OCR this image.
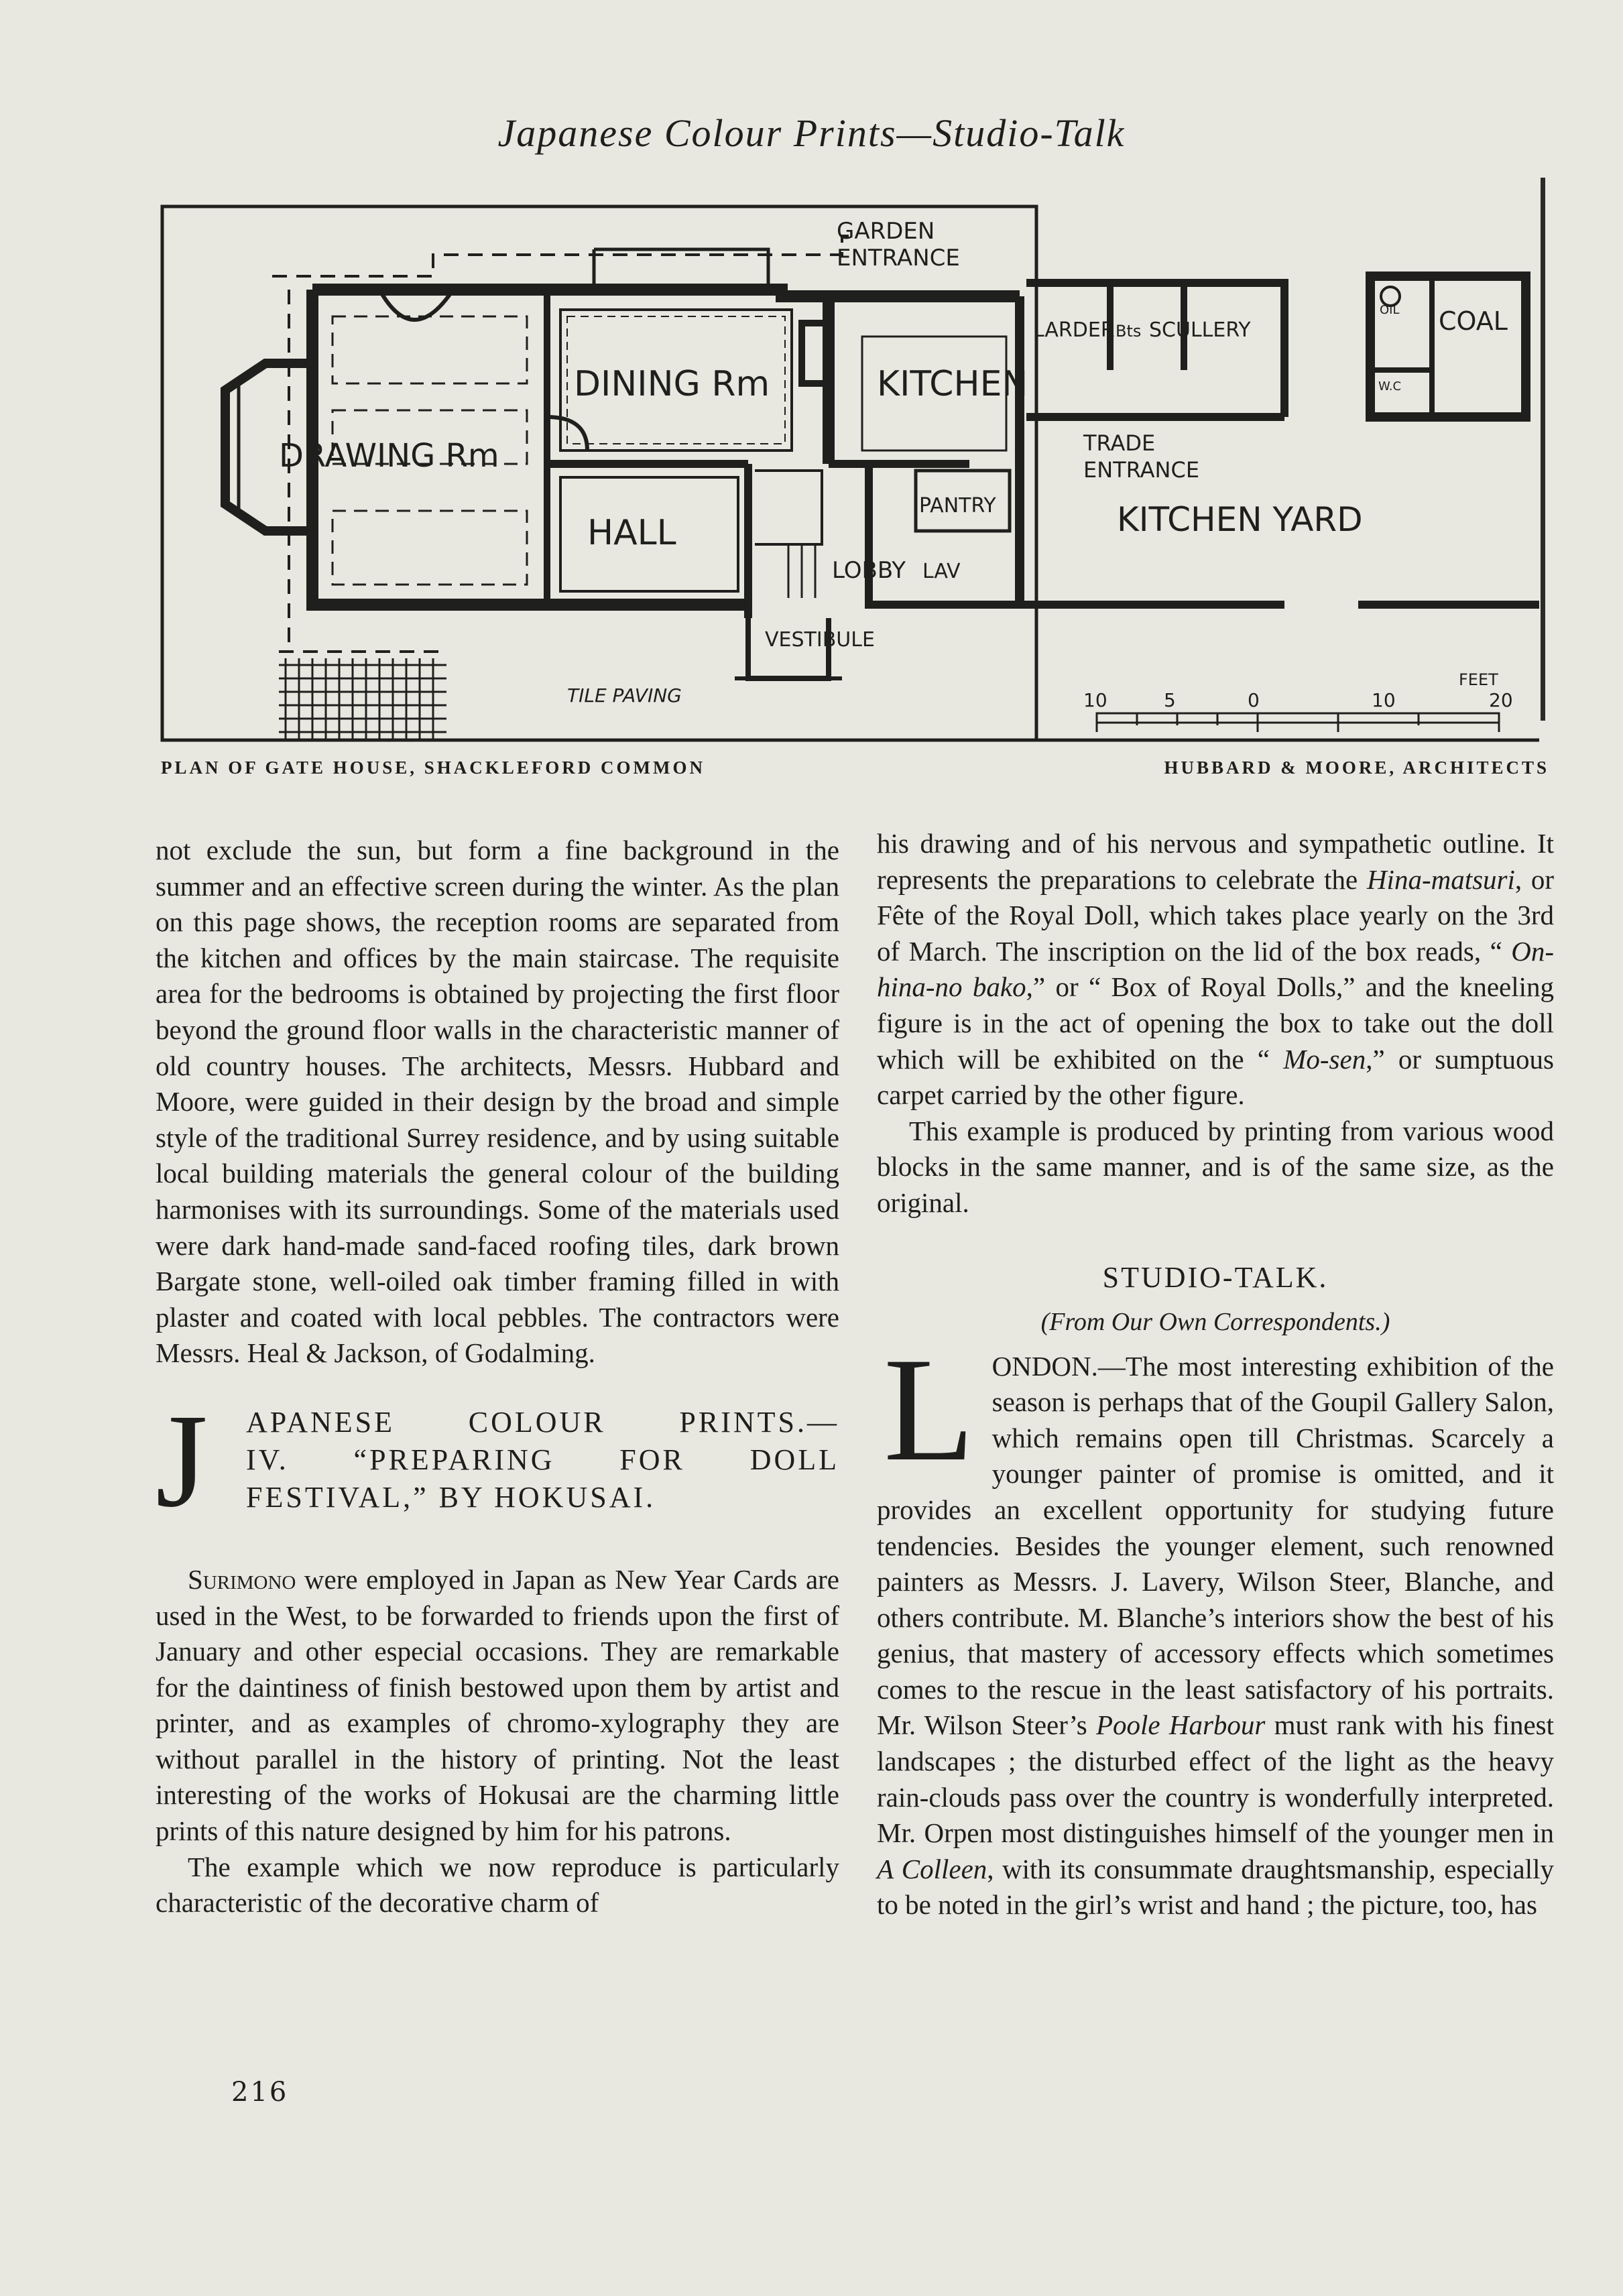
Japanese Colour Prints—Studio-Talk
GARDEN
ENTRANCE
DINING Rm	KITCHEN
LARDER Bts SCULLERY
OIL COAL
W.C
DRAWING Rm	TRADE
ENTRANCE
KITCHEN YARD
HALL
PANTRY
LOBBY LAV
VESTIBULE
TILE PAVING
FEET
10	5	0	10	20
PLAN OF GATE HOUSE, SHACKLEFORD COMMON	HUBBARD & MOORE, ARCHITECTS

not exclude the sun, but form a fine background in the summer and an effective screen during the winter. As the plan on this page shows, the reception rooms are separated from the kitchen and offices by the main staircase. The requisite area for the bedrooms is obtained by projecting the first floor beyond the ground floor walls in the characteristic manner of old country houses. The architects, Messrs. Hubbard and Moore, were guided in their design by the broad and simple style of the traditional Surrey residence, and by using suitable local building materials the general colour of the building harmonises with its surroundings. Some of the materials used were dark hand-made sand-faced roofing tiles, dark brown Bargate stone, well-oiled oak timber framing filled in with plaster and coated with local pebbles. The contractors were Messrs. Heal & Jackson, of Godalming.

J APANESE COLOUR PRINTS.—
IV. “PREPARING FOR DOLL
FESTIVAL,” BY HOKUSAI.

Surimono were employed in Japan as New Year Cards are used in the West, to be forwarded to friends upon the first of January and other especial occasions. They are remarkable for the daintiness of finish bestowed upon them by artist and printer, and as examples of chromo-xylography they are without parallel in the history of printing. Not the least interesting of the works of Hokusai are the charming little prints of this nature designed by him for his patrons.

The example which we now reproduce is particularly characteristic of the decorative charm of

his drawing and of his nervous and sympathetic outline. It represents the preparations to celebrate the Hina-matsuri, or Fête of the Royal Doll, which takes place yearly on the 3rd of March. The inscription on the lid of the box reads, “ On-hina-no bako,” or “ Box of Royal Dolls,” and the kneeling figure is in the act of opening the box to take out the doll which will be exhibited on the “ Mo-sen,” or sumptuous carpet carried by the other figure.

This example is produced by printing from various wood blocks in the same manner, and is of the same size, as the original.

STUDIO-TALK.
(From Our Own Correspondents.)
L ONDON.—The most interesting exhibition of the season is perhaps that of the Goupil Gallery Salon, which remains open till Christmas. Scarcely a younger painter of promise is omitted, and it provides an excellent opportunity for studying future tendencies. Besides the younger element, such renowned painters as Messrs. J. Lavery, Wilson Steer, Blanche, and others contribute. M. Blanche’s interiors show the best of his genius, that mastery of accessory effects which sometimes comes to the rescue in the least satisfactory of his portraits. Mr. Wilson Steer’s Poole Harbour must rank with his finest landscapes ; the disturbed effect of the light as the heavy rain-clouds pass over the country is wonderfully interpreted. Mr. Orpen most distinguishes himself of the younger men in A Colleen, with its consummate draughtsmanship, especially to be noted in the girl’s wrist and hand ; the picture, too, has

216
